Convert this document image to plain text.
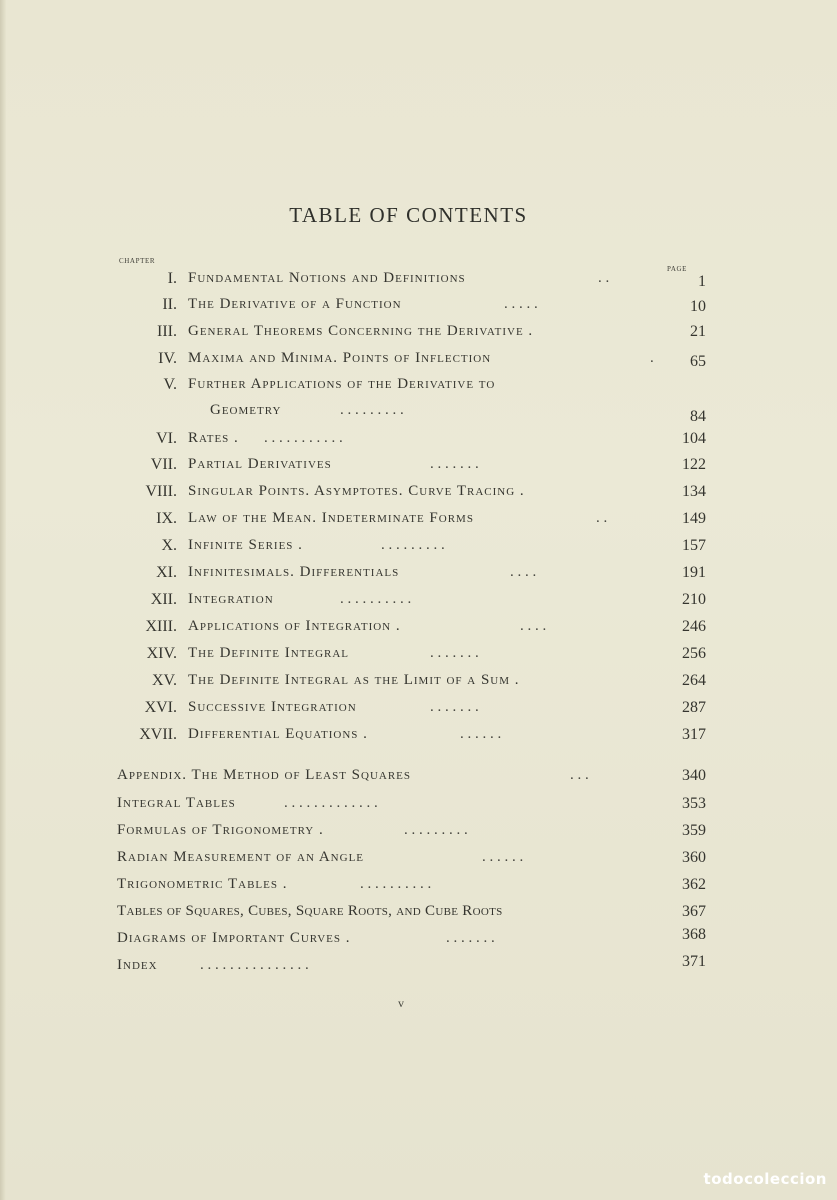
TABLE OF CONTENTS
CHAPTER
PAGE
I. Fundamental Notions and Definitions	. .	1
II. The Derivative of a Function	. . . . .	10
III. General Theorems Concerning the Derivative .	21
IV. Maxima and Minima. Points of Inflection	. 65
V. Further Applications of the Derivative to
Geometry	. . . . . . . . .	84
VI. Rates . . . . . . . . . . . .	104
VII. Partial Derivatives	. . . . . . .	122
VIII. Singular Points. Asymptotes. Curve Tracing .	134
IX. Law of the Mean. Indeterminate Forms	. .	149
X. Infinite Series .	. . . . . . . . .	157
XI. Infinitesimals. Differentials	. . . .	191
XII. Integration	. . . . . . . . . .	210
XIII. Applications of Integration .	. . . .	246
XIV. The Definite Integral	. . . . . . .	256
XV. The Definite Integral as the Limit of a Sum .	264
XVI. Successive Integration	. . . . . . .	287
XVII. Differential Equations .	. . . . . .	317
Appendix. The Method of Least Squares	. . .	340
Integral Tables	. . . . . . . . . . . . .	353
Formulas of Trigonometry .	. . . . . . . . .	359
Radian Measurement of an Angle	. . . . . .	360
Trigonometric Tables .	. . . . . . . . . .	362
Tables of Squares, Cubes, Square Roots, and Cube Roots	367
Diagrams of Important Curves .	. . . . . . .	368
Index	. . . . . . . . . . . . . . .	371
v
todocoleccion
